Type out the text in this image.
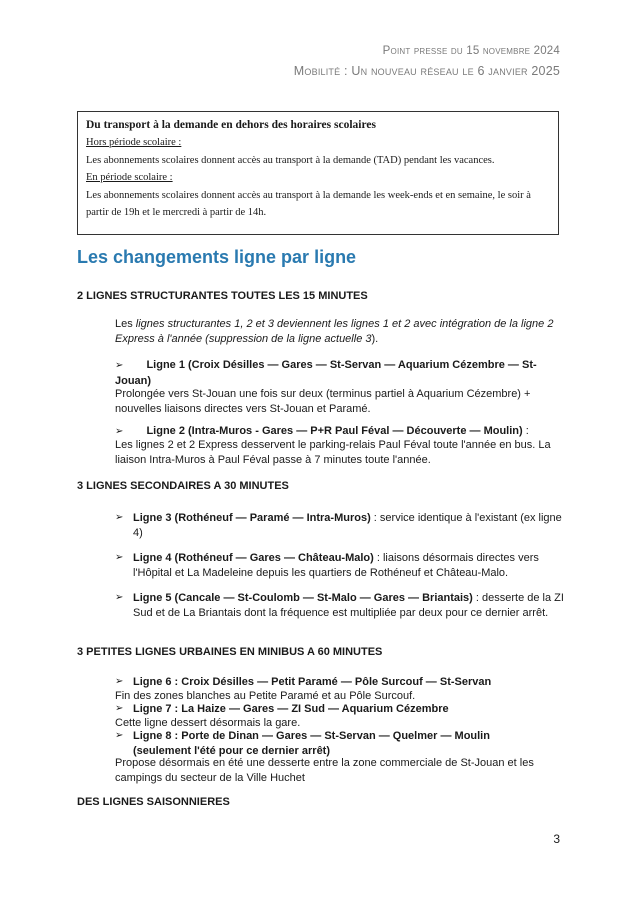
Point presse du 15 novembre 2024
Mobilité : Un nouveau réseau le 6 janvier 2025
Du transport à la demande en dehors des horaires scolaires
Hors période scolaire :
Les abonnements scolaires donnent accès au transport à la demande (TAD) pendant les vacances.
En période scolaire :
Les abonnements scolaires donnent accès au transport à la demande les week-ends et en semaine, le soir à partir de 19h et le mercredi à partir de 14h.
Les changements ligne par ligne
2 LIGNES STRUCTURANTES TOUTES LES 15 MINUTES
Les lignes structurantes 1, 2 et 3 deviennent les lignes 1 et 2 avec intégration de la ligne 2 Express à l'année (suppression de la ligne actuelle 3).
➢ Ligne 1 (Croix Désilles — Gares — St-Servan — Aquarium Cézembre — St-Jouan)
Prolongée vers St-Jouan une fois sur deux (terminus partiel à Aquarium Cézembre) + nouvelles liaisons directes vers St-Jouan et Paramé.
➢ Ligne 2 (Intra-Muros - Gares — P+R Paul Féval — Découverte — Moulin) :
Les lignes 2 et 2 Express desservent le parking-relais Paul Féval toute l'année en bus. La liaison Intra-Muros à Paul Féval passe à 7 minutes toute l'année.
3 LIGNES SECONDAIRES A 30 MINUTES
➢ Ligne 3 (Rothéneuf — Paramé — Intra-Muros) : service identique à l'existant (ex ligne 4)
➢ Ligne 4 (Rothéneuf — Gares — Château-Malo) : liaisons désormais directes vers l'Hôpital et La Madeleine depuis les quartiers de Rothéneuf et Château-Malo.
➢ Ligne 5 (Cancale — St-Coulomb — St-Malo — Gares — Briantais) : desserte de la ZI Sud et de La Briantais dont la fréquence est multipliée par deux pour ce dernier arrêt.
3 PETITES LIGNES URBAINES EN MINIBUS A 60 MINUTES
➢ Ligne 6 : Croix Désilles — Petit Paramé — Pôle Surcouf — St-Servan
Fin des zones blanches au Petite Paramé et au Pôle Surcouf.
➢ Ligne 7 : La Haize — Gares — ZI Sud — Aquarium Cézembre
Cette ligne dessert désormais la gare.
➢ Ligne 8 : Porte de Dinan — Gares — St-Servan — Quelmer — Moulin (seulement l'été pour ce dernier arrêt)
Propose désormais en été une desserte entre la zone commerciale de St-Jouan et les campings du secteur de la Ville Huchet
DES LIGNES SAISONNIERES
3
